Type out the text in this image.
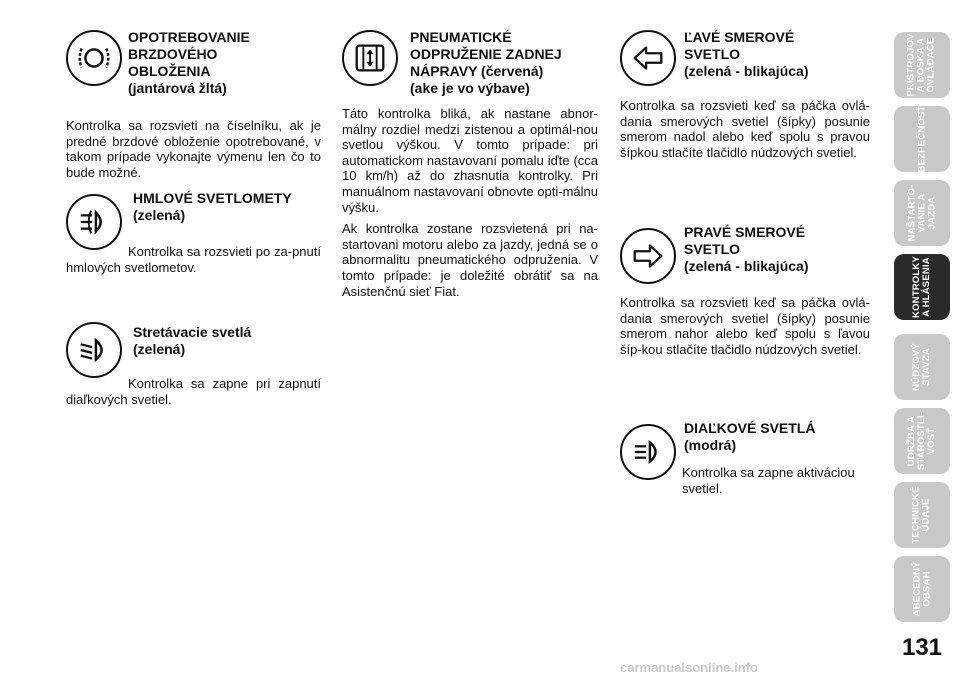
OPOTREBOVANIE
BRZDOVÉHO
OBLOŽENIA
(jantárová žltá)
Kontrolka sa rozsvieti na číselníku, ak je predné brzdové obloženie opotrebované, v takom prípade vykonajte výmenu len čo to bude možné.
HMLOVÉ SVETLOMETY
(zelená)
Kontrolka sa rozsvieti po za-pnutí hmlových svetlometov.
Stretávacie svetlá
(zelená)
Kontrolka sa zapne pri zapnutí diaľkových svetiel.
PNEUMATICKÉ
ODPRUŽENIE ZADNEJ
NÁPRAVY (červená)
(ake je vo výbave)

Táto kontrolka bliká, ak nastane abnor-málny rozdiel medzi zistenou a optimál-nou svetlou výškou. V tomto prípade: pri automatickom nastavovaní pomalu iďte (cca 10 km/h) až do zhasnutia kontrolky. Pri manuálnom nastavovaní obnovte opti-málnu výšku.

Ak kontrolka zostane rozsvietená pri na-startovani motoru alebo za jazdy, jedná se o abnormalitu pneumatického odpruženia. V tomto prípade: je doležité obrátiť sa na Asistenčnú sieť Fiat.

ĽAVÉ SMEROVÉ
SVETLO
(zelená - blikajúca)
Kontrolka sa rozsvieti keď sa páčka ovlá-dania smerových svetiel (šípky) posunie smerom nadol alebo keď spolu s pravou šípkou stlačíte tlačidlo núdzových svetiel.
PRAVÉ SMEROVÉ
SVETLO
(zelená - blikajúca)
Kontrolka sa rozsvieti keď sa páčka ovlá-dania smerových svetiel (šípky) posunie smerom nahor alebo keď spolu s ľavou šíp-kou stlačíte tlačidlo núdzových svetiel.
DIAĽKOVÉ SVETLÁ
(modrá)
Kontrolka sa zapne aktiváciou svetiel.
PRÍSTROJOV
Á DOSKA A
OVLÁDAČE
BEZPEČNOSŤ
NAŠTARTO-
VANIE A
JAZDA
KONTROLKY
A HLÁSENIA
NÚDZOVÝ
STAVZA
ÚDRŽBA A
STAROSTLI-
VOSŤ
TECHNICKÉ
ÚDAJE
ABECEDNÝ
OBSAH
131
carmanualsonline.info
